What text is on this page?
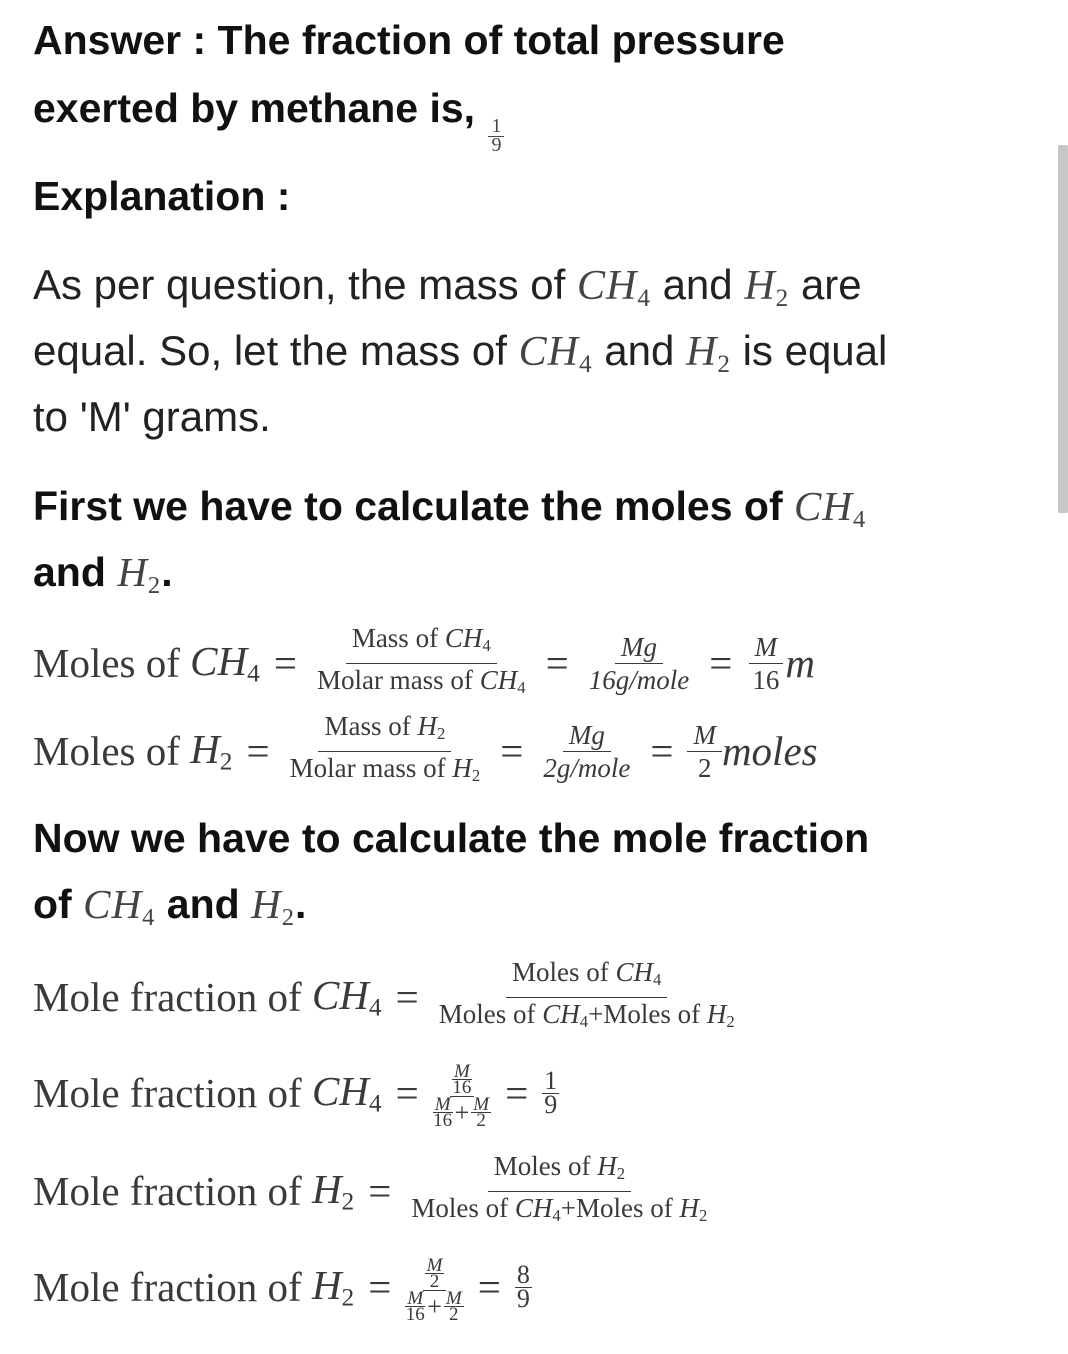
Answer : The fraction of total pressure
exerted by methane is,
$\frac{1}{9}$
Explanation :
As per question, the mass of $CH_4$ and $H_2$ are
equal. So, let the mass of $CH_4$ and $H_2$ is equal
to 'M' grams.
First we have to calculate the moles of $CH_4$
and $H_2$.
Moles of
$CH_4 = \frac{Mass of CH_4}{Molar mass of CH_4} = \frac{Mg}{\text{16g/mole}} = \frac{M}{16}$ m
Moles of
$H_2 = \frac{Mass of H_2}{Molar mass of H_2} = \frac{Mg}{\text{2g/mole}} = \frac{M}{2}$ moles
Now we have to calculate the mole fraction
of $CH_4$ and $H_2$.
Mole fraction of
$CH_4 = \frac{Moles of CH_4}{Moles of CH_4+Moles of H_2}$
Mole fraction of
$CH_4 = \frac{M}{16}$
M
$16 + \frac{M}{2} = \frac{1}{9}$
Mole fraction of
$H_2 = \frac{Moles of H_2}{Moles of CH_4+Moles of H_2}$
Mole fraction of
$H_2 = \frac{M}{2}$
M
$16 + \frac{M}{2} = \frac{8}{9}$
